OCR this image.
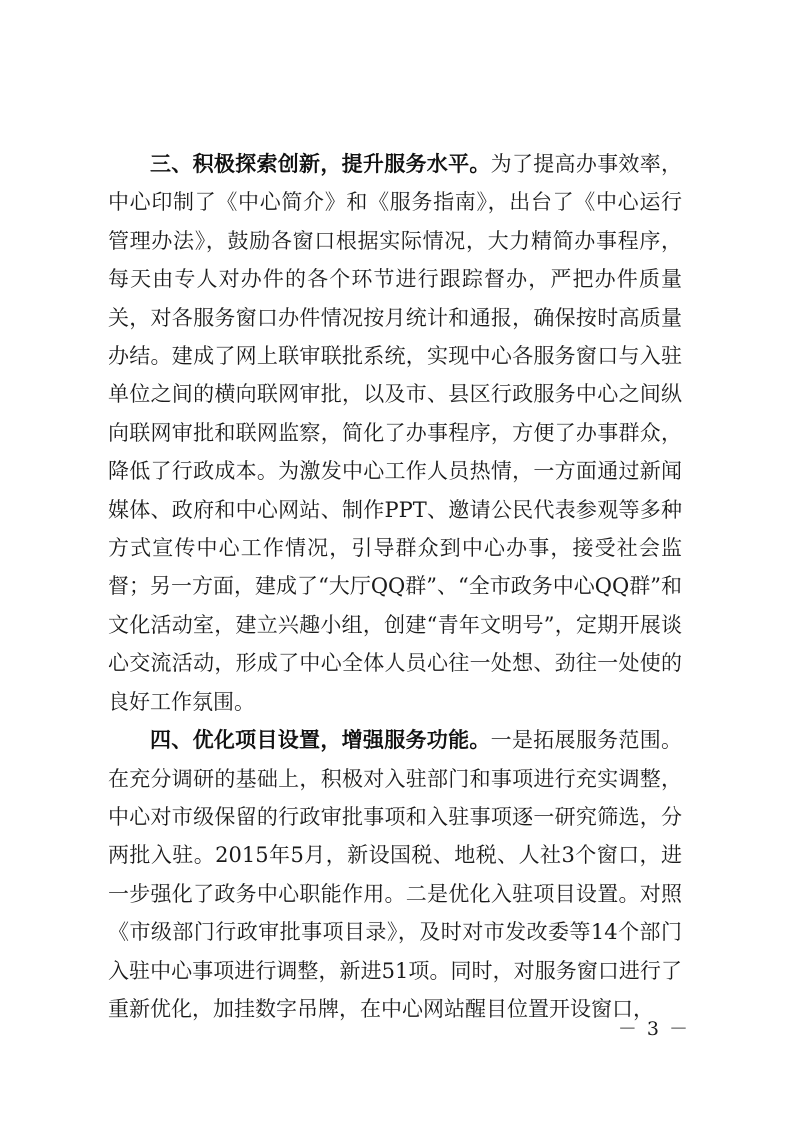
三、积极探索创新，提升服务水平。为了提高办事效率，中心印制了《中心简介》和《服务指南》，出台了《中心运行管理办法》，鼓励各窗口根据实际情况，大力精简办事程序，每天由专人对办件的各个环节进行跟踪督办，严把办件质量关，对各服务窗口办件情况按月统计和通报，确保按时高质量办结。建成了网上联审联批系统，实现中心各服务窗口与入驻单位之间的横向联网审批，以及市、县区行政服务中心之间纵向联网审批和联网监察，简化了办事程序，方便了办事群众，降低了行政成本。为激发中心工作人员热情，一方面通过新闻媒体、政府和中心网站、制作PPT、邀请公民代表参观等多种方式宣传中心工作情况，引导群众到中心办事，接受社会监督；另一方面，建成了“大厅QQ群”、“全市政务中心QQ群”和文化活动室，建立兴趣小组，创建“青年文明号”，定期开展谈心交流活动，形成了中心全体人员心往一处想、劲往一处使的良好工作氛围。

四、优化项目设置，增强服务功能。一是拓展服务范围。在充分调研的基础上，积极对入驻部门和事项进行充实调整，中心对市级保留的行政审批事项和入驻事项逐一研究筛选，分两批入驻。2015年5月，新设国税、地税、人社3个窗口，进一步强化了政务中心职能作用。二是优化入驻项目设置。对照《市级部门行政审批事项目录》，及时对市发改委等14个部门入驻中心事项进行调整，新进51项。同时，对服务窗口进行了重新优化，加挂数字吊牌，在中心网站醒目位置开设窗口，

－ 3 －
